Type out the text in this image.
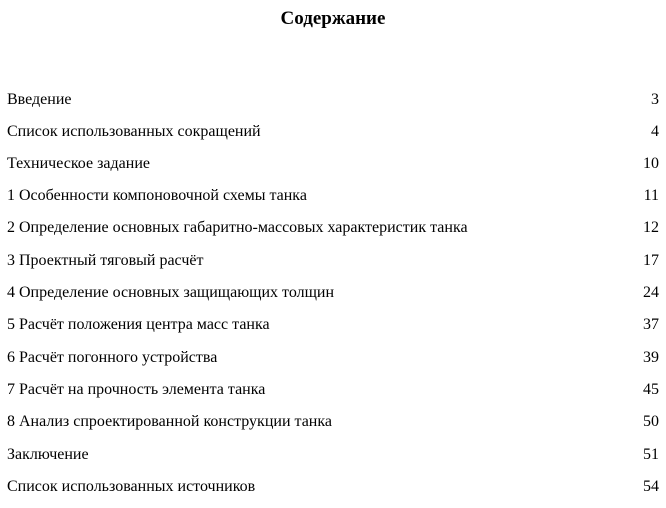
Содержание
Введение	3
Список использованных сокращений	4
Техническое задание	10
1 Особенности компоновочной схемы танка	11
2 Определение основных габаритно-массовых характеристик танка	12
3 Проектный тяговый расчёт	17
4 Определение основных защищающих толщин	24
5 Расчёт положения центра масс танка	37
6 Расчёт погонного устройства	39
7 Расчёт на прочность элемента танка	45
8 Анализ спроектированной конструкции танка	50
Заключение	51
Список использованных источников	54
